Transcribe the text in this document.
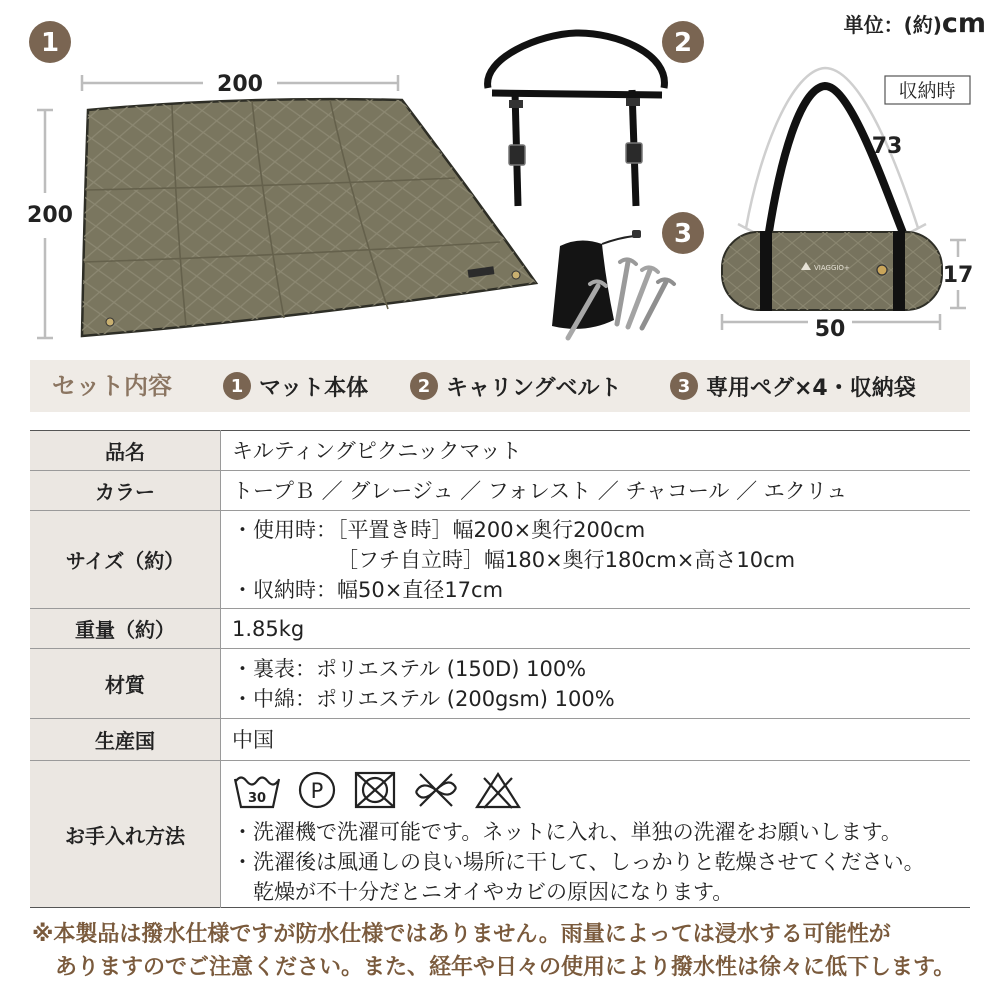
単位：(約)cm
1
200
200
2
3
収納時
73
VIAGGIO+	17
50
セット内容	1 マット本体	2 キャリングベルト	3 専用ペグ×4・収納袋
品名	キルティングピクニックマット

カラー	トープＢ ／ グレージュ ／ フォレスト ／ チャコール ／ エクリュ

サイズ（約）	・使用時：［平置き時］幅200×奥行200cm
［フチ自立時］幅180×奥行180cm×高さ10cm
・収納時：幅50×直径17cm

重量（約）	1.85kg

材質	・裏表：ポリエステル (150D) 100%
・中綿：ポリエステル (200gsm) 100%

生産国	中国

お手入れ方法	30 P
・洗濯機で洗濯可能です。ネットに入れ、単独の洗濯をお願いします。
・洗濯後は風通しの良い場所に干して、しっかりと乾燥させてください。
乾燥が不十分だとニオイやカビの原因になります。
※本製品は撥水仕様ですが防水仕様ではありません。雨量によっては浸水する可能性が
ありますのでご注意ください。また、経年や日々の使用により撥水性は徐々に低下します。
